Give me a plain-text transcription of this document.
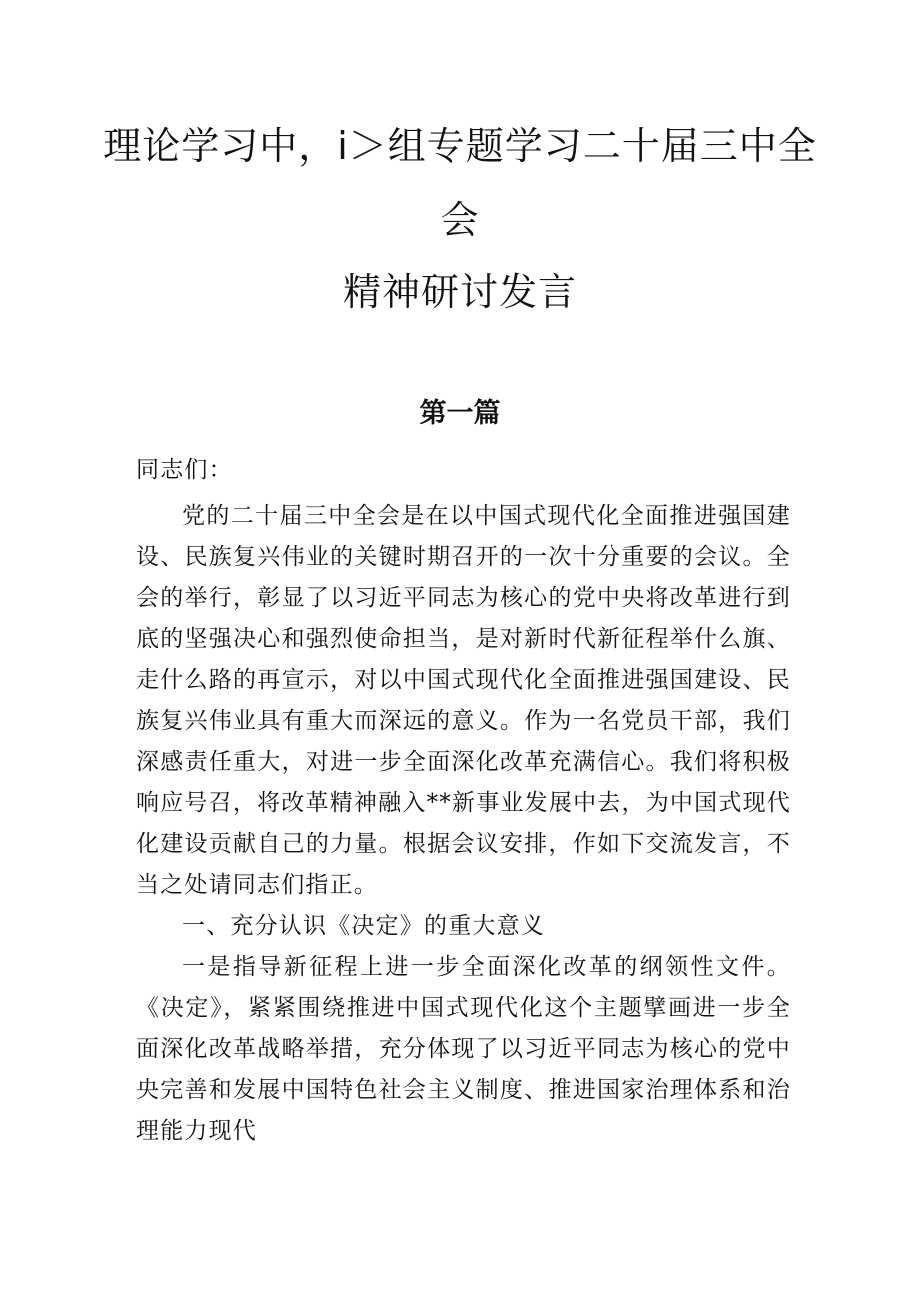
理论学习中，i＞组专题学习二十届三中全
会
精神研讨发言
第一篇

同志们：

党的二十届三中全会是在以中国式现代化全面推进强国建设、民族复兴伟业的关键时期召开的一次十分重要的会议。全会的举行，彰显了以习近平同志为核心的党中央将改革进行到底的坚强决心和强烈使命担当，是对新时代新征程举什么旗、走什么路的再宣示，对以中国式现代化全面推进强国建设、民族复兴伟业具有重大而深远的意义。作为一名党员干部，我们深感责任重大，对进一步全面深化改革充满信心。我们将积极响应号召，将改革精神融入**新事业发展中去，为中国式现代化建设贡献自己的力量。根据会议安排，作如下交流发言，不当之处请同志们指正。

一、充分认识《决定》的重大意义

一是指导新征程上进一步全面深化改革的纲领性文件。《决定》，紧紧围绕推进中国式现代化这个主题擘画进一步全面深化改革战略举措，充分体现了以习近平同志为核心的党中央完善和发展中国特色社会主义制度、推进国家治理体系和治理能力现代
